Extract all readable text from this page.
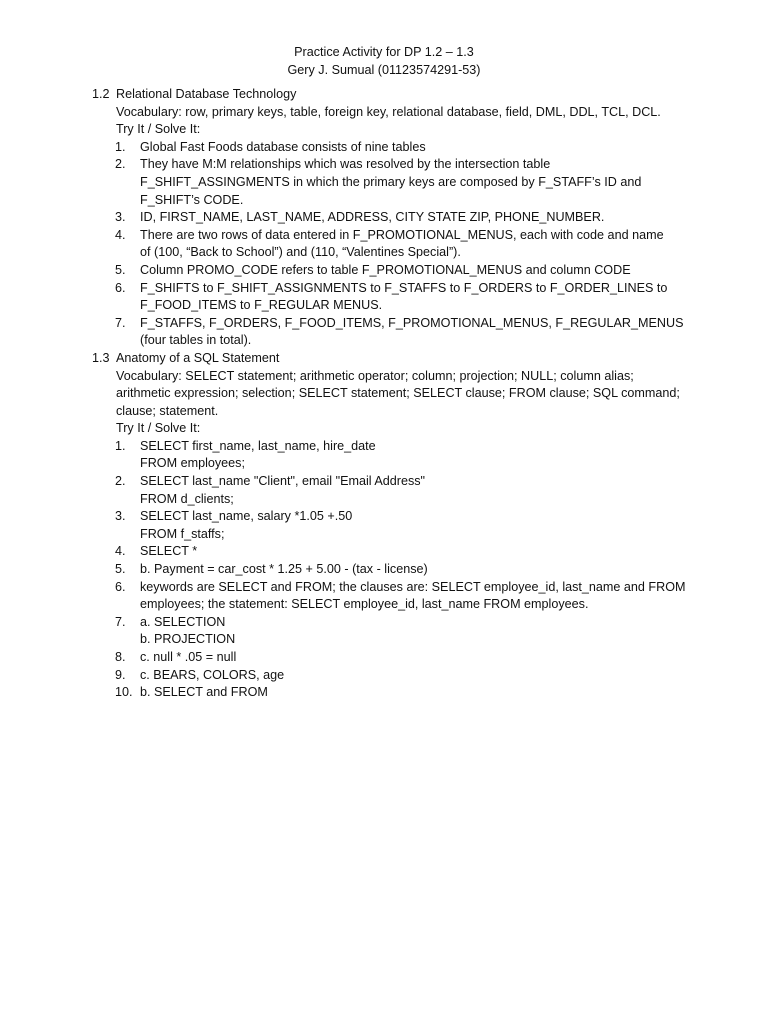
Practice Activity for DP 1.2 – 1.3
Gery J. Sumual (01123574291-53)
1.2 Relational Database Technology
Vocabulary: row, primary keys, table, foreign key, relational database, field, DML, DDL, TCL, DCL.
Try It / Solve It:
1. Global Fast Foods database consists of nine tables
2. They have M:M relationships which was resolved by the intersection table
F_SHIFT_ASSINGMENTS in which the primary keys are composed by F_STAFF’s ID and
F_SHIFT’s CODE.
3. ID, FIRST_NAME, LAST_NAME, ADDRESS, CITY STATE ZIP, PHONE_NUMBER.
4. There are two rows of data entered in F_PROMOTIONAL_MENUS, each with code and name
of (100, “Back to School”) and (110, “Valentines Special”).
5. Column PROMO_CODE refers to table F_PROMOTIONAL_MENUS and column CODE
6. F_SHIFTS to F_SHIFT_ASSIGNMENTS to F_STAFFS to F_ORDERS to F_ORDER_LINES to
F_FOOD_ITEMS to F_REGULAR MENUS.
7. F_STAFFS, F_ORDERS, F_FOOD_ITEMS, F_PROMOTIONAL_MENUS, F_REGULAR_MENUS
(four tables in total).
1.3 Anatomy of a SQL Statement
Vocabulary: SELECT statement; arithmetic operator; column; projection; NULL; column alias;
arithmetic expression; selection; SELECT statement; SELECT clause; FROM clause; SQL command;
clause; statement.
Try It / Solve It:
1. SELECT first_name, last_name, hire_date
FROM employees;
2. SELECT last_name "Client", email "Email Address"
FROM d_clients;
3. SELECT last_name, salary *1.05 +.50
FROM f_staffs;
4. SELECT *
5. b. Payment = car_cost * 1.25 + 5.00 - (tax - license)
6. keywords are SELECT and FROM; the clauses are: SELECT employee_id, last_name and FROM
employees; the statement: SELECT employee_id, last_name FROM employees.
7. a. SELECTION
b. PROJECTION
8. c. null * .05 = null
9. c. BEARS, COLORS, age
10. b. SELECT and FROM
